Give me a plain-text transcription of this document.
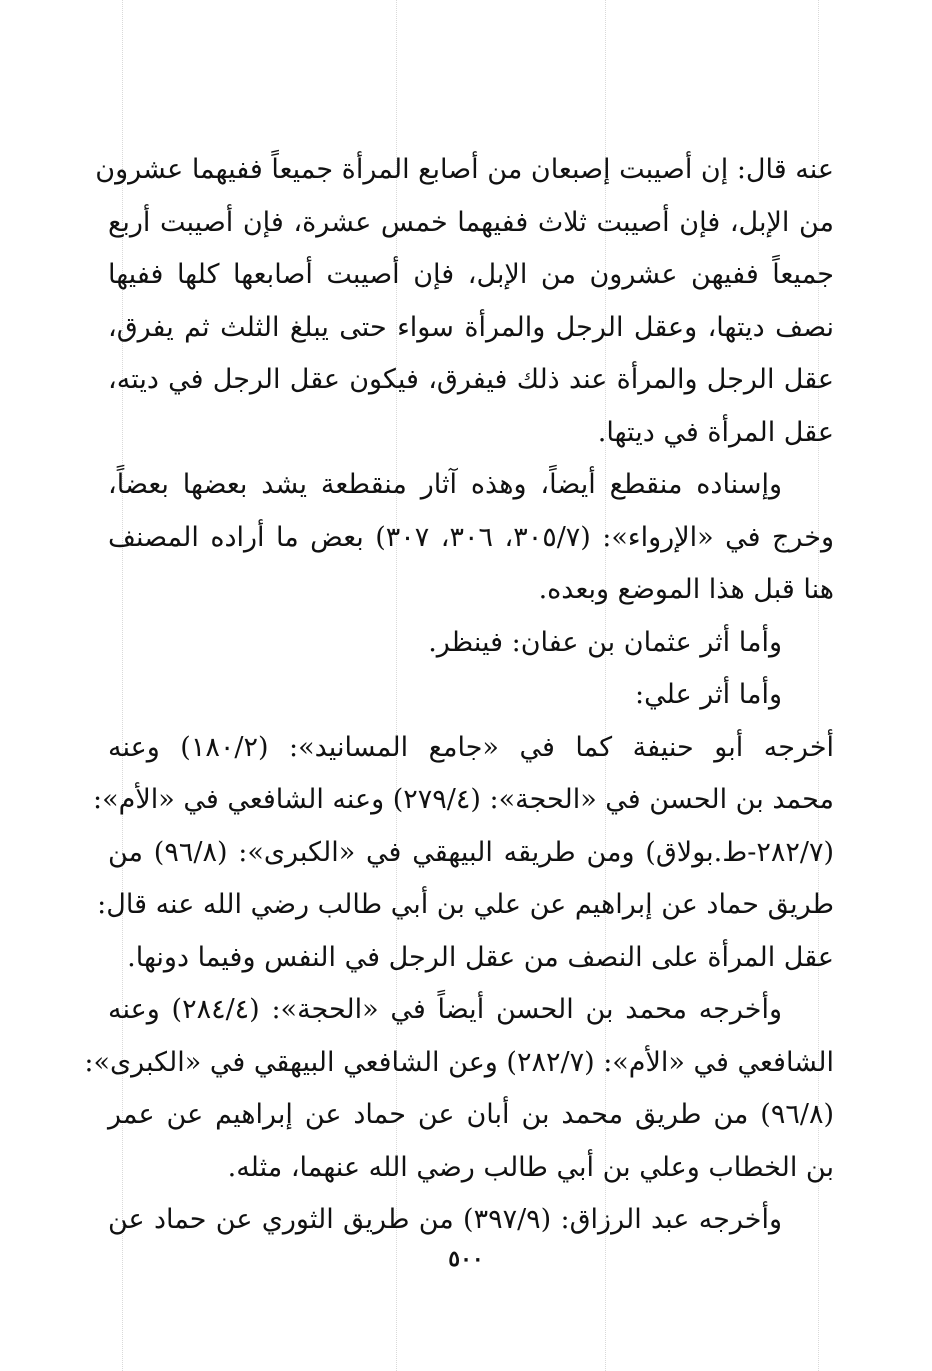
عنه قال: إن أصيبت إصبعان من أصابع المرأة جميعاً ففيهما عشرون
من الإبل، فإن أصيبت ثلاث ففيهما خمس عشرة، فإن أصيبت أربع
جميعاً ففيهن عشرون من الإبل، فإن أصيبت أصابعها كلها ففيها
نصف ديتها، وعقل الرجل والمرأة سواء حتى يبلغ الثلث ثم يفرق،
عقل الرجل والمرأة عند ذلك فيفرق، فيكون عقل الرجل في ديته،
عقل المرأة في ديتها.
وإسناده منقطع أيضاً، وهذه آثار منقطعة يشد بعضها بعضاً،
وخرج في «الإرواء»: (٣٠٥/٧، ٣٠٦، ٣٠٧) بعض ما أراده المصنف
هنا قبل هذا الموضع وبعده.
وأما أثر عثمان بن عفان: فينظر.
وأما أثر علي:
أخرجه أبو حنيفة كما في «جامع المسانيد»: (١٨٠/٢) وعنه
محمد بن الحسن في «الحجة»: (٢٧٩/٤) وعنه الشافعي في «الأم»:
(٢٨٢/٧-ط.بولاق) ومن طريقه البيهقي في «الكبرى»: (٩٦/٨) من
طريق حماد عن إبراهيم عن علي بن أبي طالب رضي الله عنه قال:
عقل المرأة على النصف من عقل الرجل في النفس وفيما دونها.
وأخرجه محمد بن الحسن أيضاً في «الحجة»: (٢٨٤/٤) وعنه
الشافعي في «الأم»: (٢٨٢/٧) وعن الشافعي البيهقي في «الكبرى»:
(٩٦/٨) من طريق محمد بن أبان عن حماد عن إبراهيم عن عمر
بن الخطاب وعلي بن أبي طالب رضي الله عنهما، مثله.
وأخرجه عبد الرزاق: (٣٩٧/٩) من طريق الثوري عن حماد عن
٥٠٠
